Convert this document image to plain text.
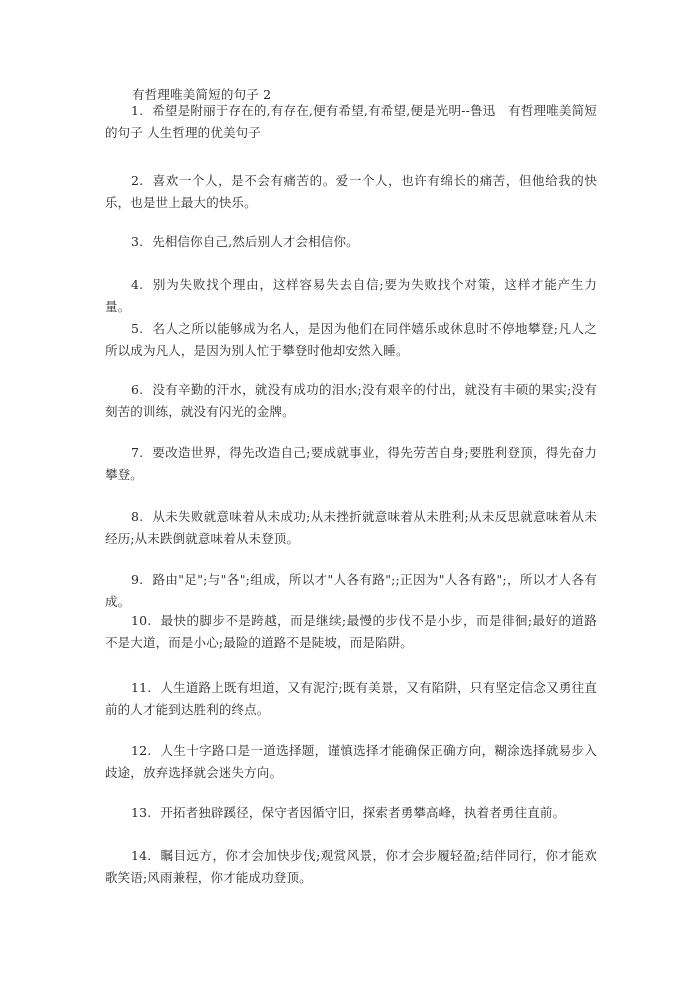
有哲理唯美简短的句子 2

1. 希望是附丽于存在的,有存在,便有希望,有希望,便是光明--鲁迅　有哲理唯美简短的句子 人生哲理的优美句子

2. 喜欢一个人，是不会有痛苦的。爱一个人，也许有绵长的痛苦，但他给我的快乐，也是世上最大的快乐。

3. 先相信你自己,然后别人才会相信你。

4. 别为失败找个理由，这样容易失去自信;要为失败找个对策，这样才能产生力量。

5. 名人之所以能够成为名人，是因为他们在同伴嬉乐或休息时不停地攀登;凡人之所以成为凡人，是因为别人忙于攀登时他却安然入睡。

6. 没有辛勤的汗水，就没有成功的泪水;没有艰辛的付出，就没有丰硕的果实;没有刻苦的训练，就没有闪光的金牌。

7. 要改造世界，得先改造自己;要成就事业，得先劳苦自身;要胜利登顶，得先奋力攀登。

8. 从未失败就意味着从未成功;从未挫折就意味着从未胜利;从未反思就意味着从未经历;从未跌倒就意味着从未登顶。

9. 路由"足";与"各";组成，所以才"人各有路";;正因为"人各有路";，所以才人各有成。

10. 最快的脚步不是跨越，而是继续;最慢的步伐不是小步，而是徘徊;最好的道路不是大道，而是小心;最险的道路不是陡坡，而是陷阱。

11. 人生道路上既有坦道，又有泥泞;既有美景，又有陷阱，只有坚定信念又勇往直前的人才能到达胜利的终点。

12. 人生十字路口是一道选择题，谨慎选择才能确保正确方向，糊涂选择就易步入歧途，放弃选择就会迷失方向。

13. 开拓者独辟蹊径，保守者因循守旧，探索者勇攀高峰，执着者勇往直前。

14. 瞩目远方，你才会加快步伐;观赏风景，你才会步履轻盈;结伴同行，你才能欢歌笑语;风雨兼程，你才能成功登顶。
